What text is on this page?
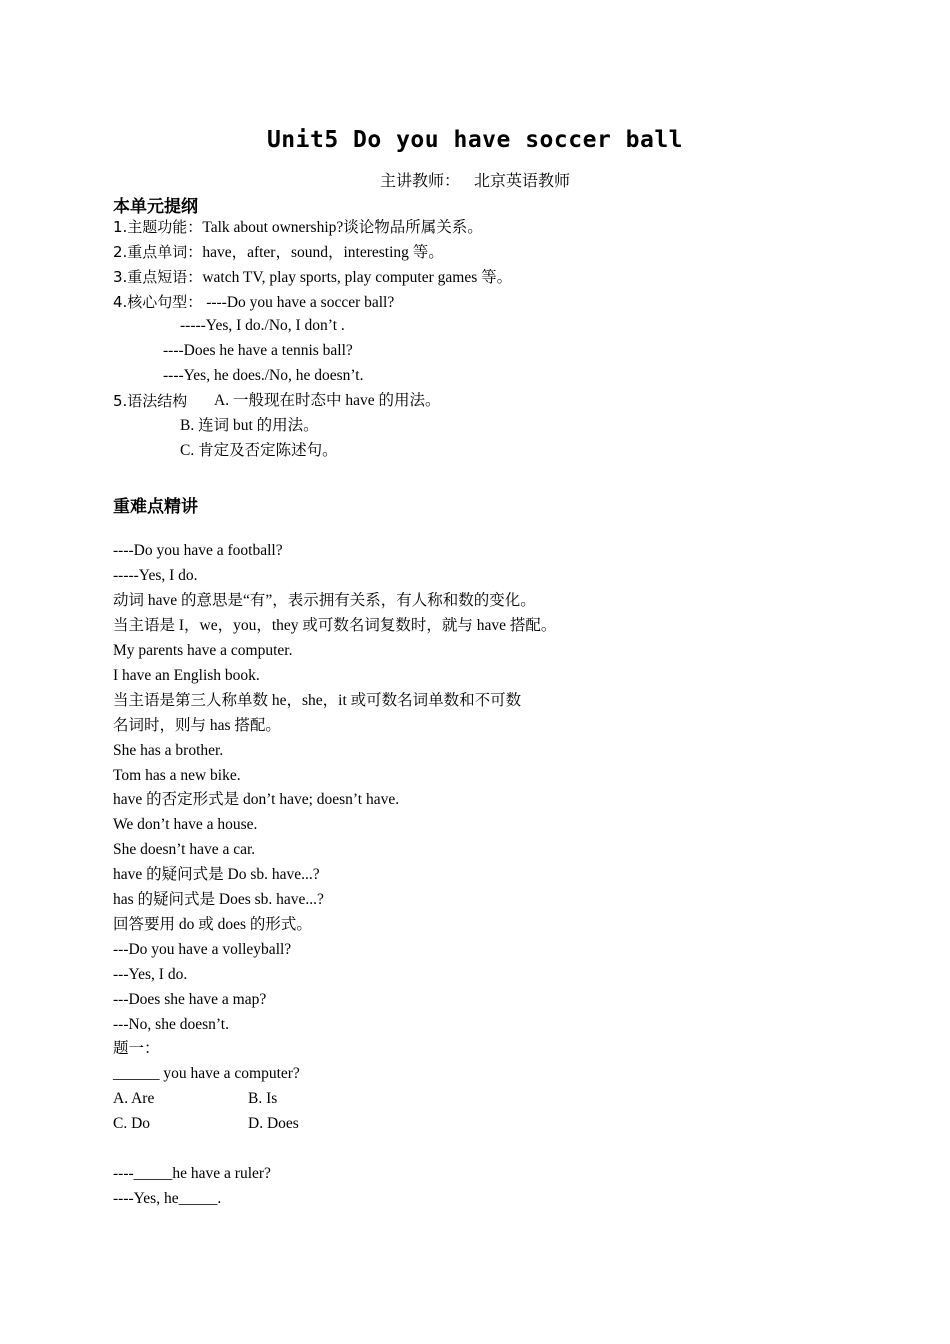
Unit5 Do you have soccer ball
主讲教师： 北京英语教师
本单元提纲
1.主题功能：Talk about ownership?谈论物品所属关系。
2.重点单词：have，after，sound，interesting 等。
3.重点短语：watch TV, play sports, play computer games 等。
4.核心句型： ----Do you have a soccer ball?
-----Yes, I do./No, I don’t .
----Does he have a tennis ball?
----Yes, he does./No, he doesn’t.
5.语法结构 A. 一般现在时态中 have 的用法。
B. 连词 but 的用法。
C. 肯定及否定陈述句。
重难点精讲
----Do you have a football?
-----Yes, I do.
动词 have 的意思是“有”，表示拥有关系，有人称和数的变化。
当主语是 I，we，you，they 或可数名词复数时，就与 have 搭配。
My parents have a computer.
I have an English book.
当主语是第三人称单数 he，she，it 或可数名词单数和不可数
名词时，则与 has 搭配。
She has a brother.
Tom has a new bike.
have 的否定形式是 don’t have; doesn’t have.
We don’t have a house.
She doesn’t have a car.
have 的疑问式是 Do sb. have...?
has 的疑问式是 Does sb. have...?
回答要用 do 或 does 的形式。
---Do you have a volleyball?
---Yes, I do.
---Does she have a map?
---No, she doesn’t.
题一：
______ you have a computer?
A. Are	B. Is
C. Do	D. Does
----_____he have a ruler?
----Yes, he_____.
